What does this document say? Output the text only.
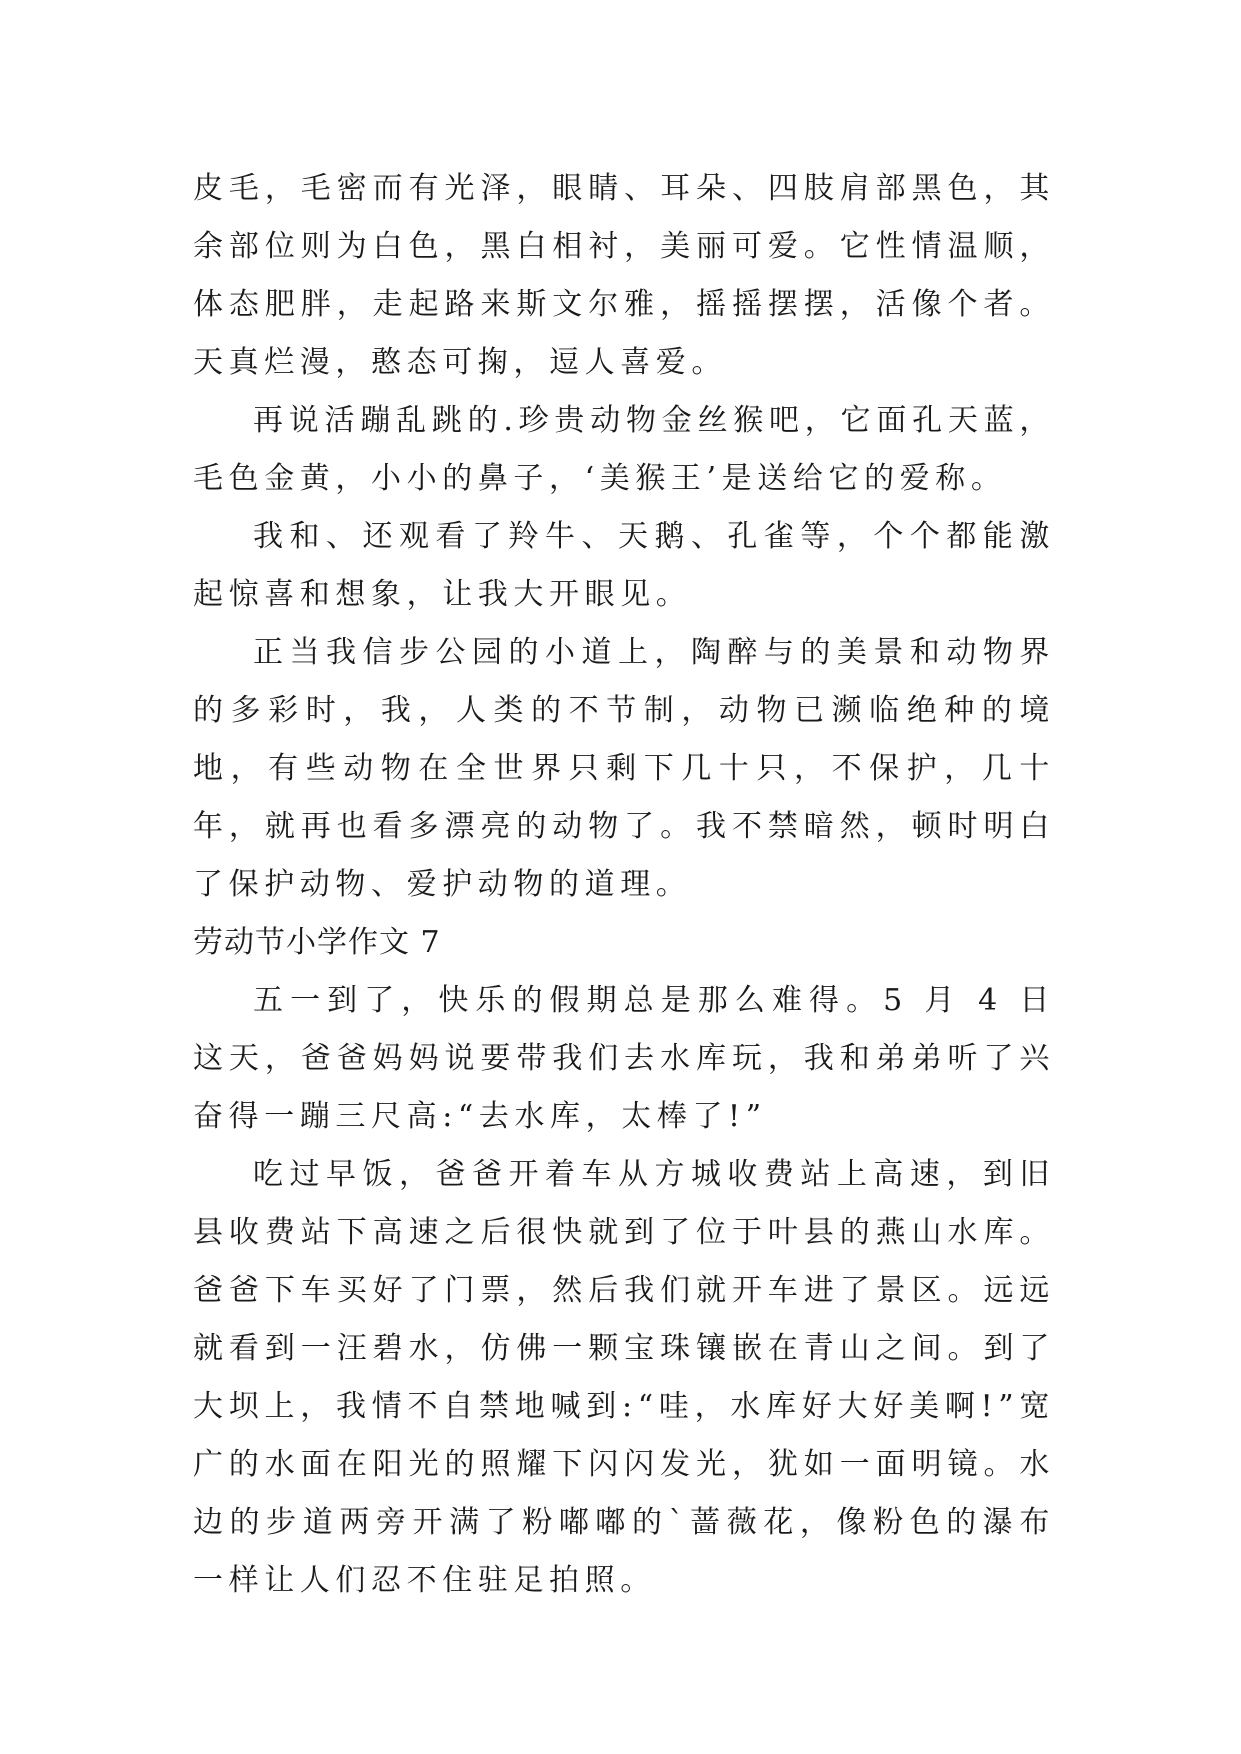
皮毛，毛密而有光泽，眼睛、耳朵、四肢肩部黑色，其余部位则为白色，黑白相衬，美丽可爱。它性情温顺，体态肥胖，走起路来斯文尔雅，摇摇摆摆，活像个者。天真烂漫，憨态可掬，逗人喜爱。

再说活蹦乱跳的.珍贵动物金丝猴吧，它面孔天蓝，毛色金黄，小小的鼻子，‘美猴王’是送给它的爱称。

我和、还观看了羚牛、天鹅、孔雀等，个个都能激起惊喜和想象，让我大开眼见。

正当我信步公园的小道上，陶醉与的美景和动物界的多彩时，我，人类的不节制，动物已濒临绝种的境地，有些动物在全世界只剩下几十只，不保护，几十年，就再也看多漂亮的动物了。我不禁暗然，顿时明白了保护动物、爱护动物的道理。

劳动节小学作文 7

五一到了，快乐的假期总是那么难得。5 月 4 日这天，爸爸妈妈说要带我们去水库玩，我和弟弟听了兴奋得一蹦三尺高:“去水库，太棒了!”

吃过早饭，爸爸开着车从方城收费站上高速，到旧县收费站下高速之后很快就到了位于叶县的燕山水库。爸爸下车买好了门票，然后我们就开车进了景区。远远就看到一汪碧水，仿佛一颗宝珠镶嵌在青山之间。到了大坝上，我情不自禁地喊到:“哇，水库好大好美啊!”宽广的水面在阳光的照耀下闪闪发光，犹如一面明镜。水边的步道两旁开满了粉嘟嘟的`蔷薇花，像粉色的瀑布一样让人们忍不住驻足拍照。
